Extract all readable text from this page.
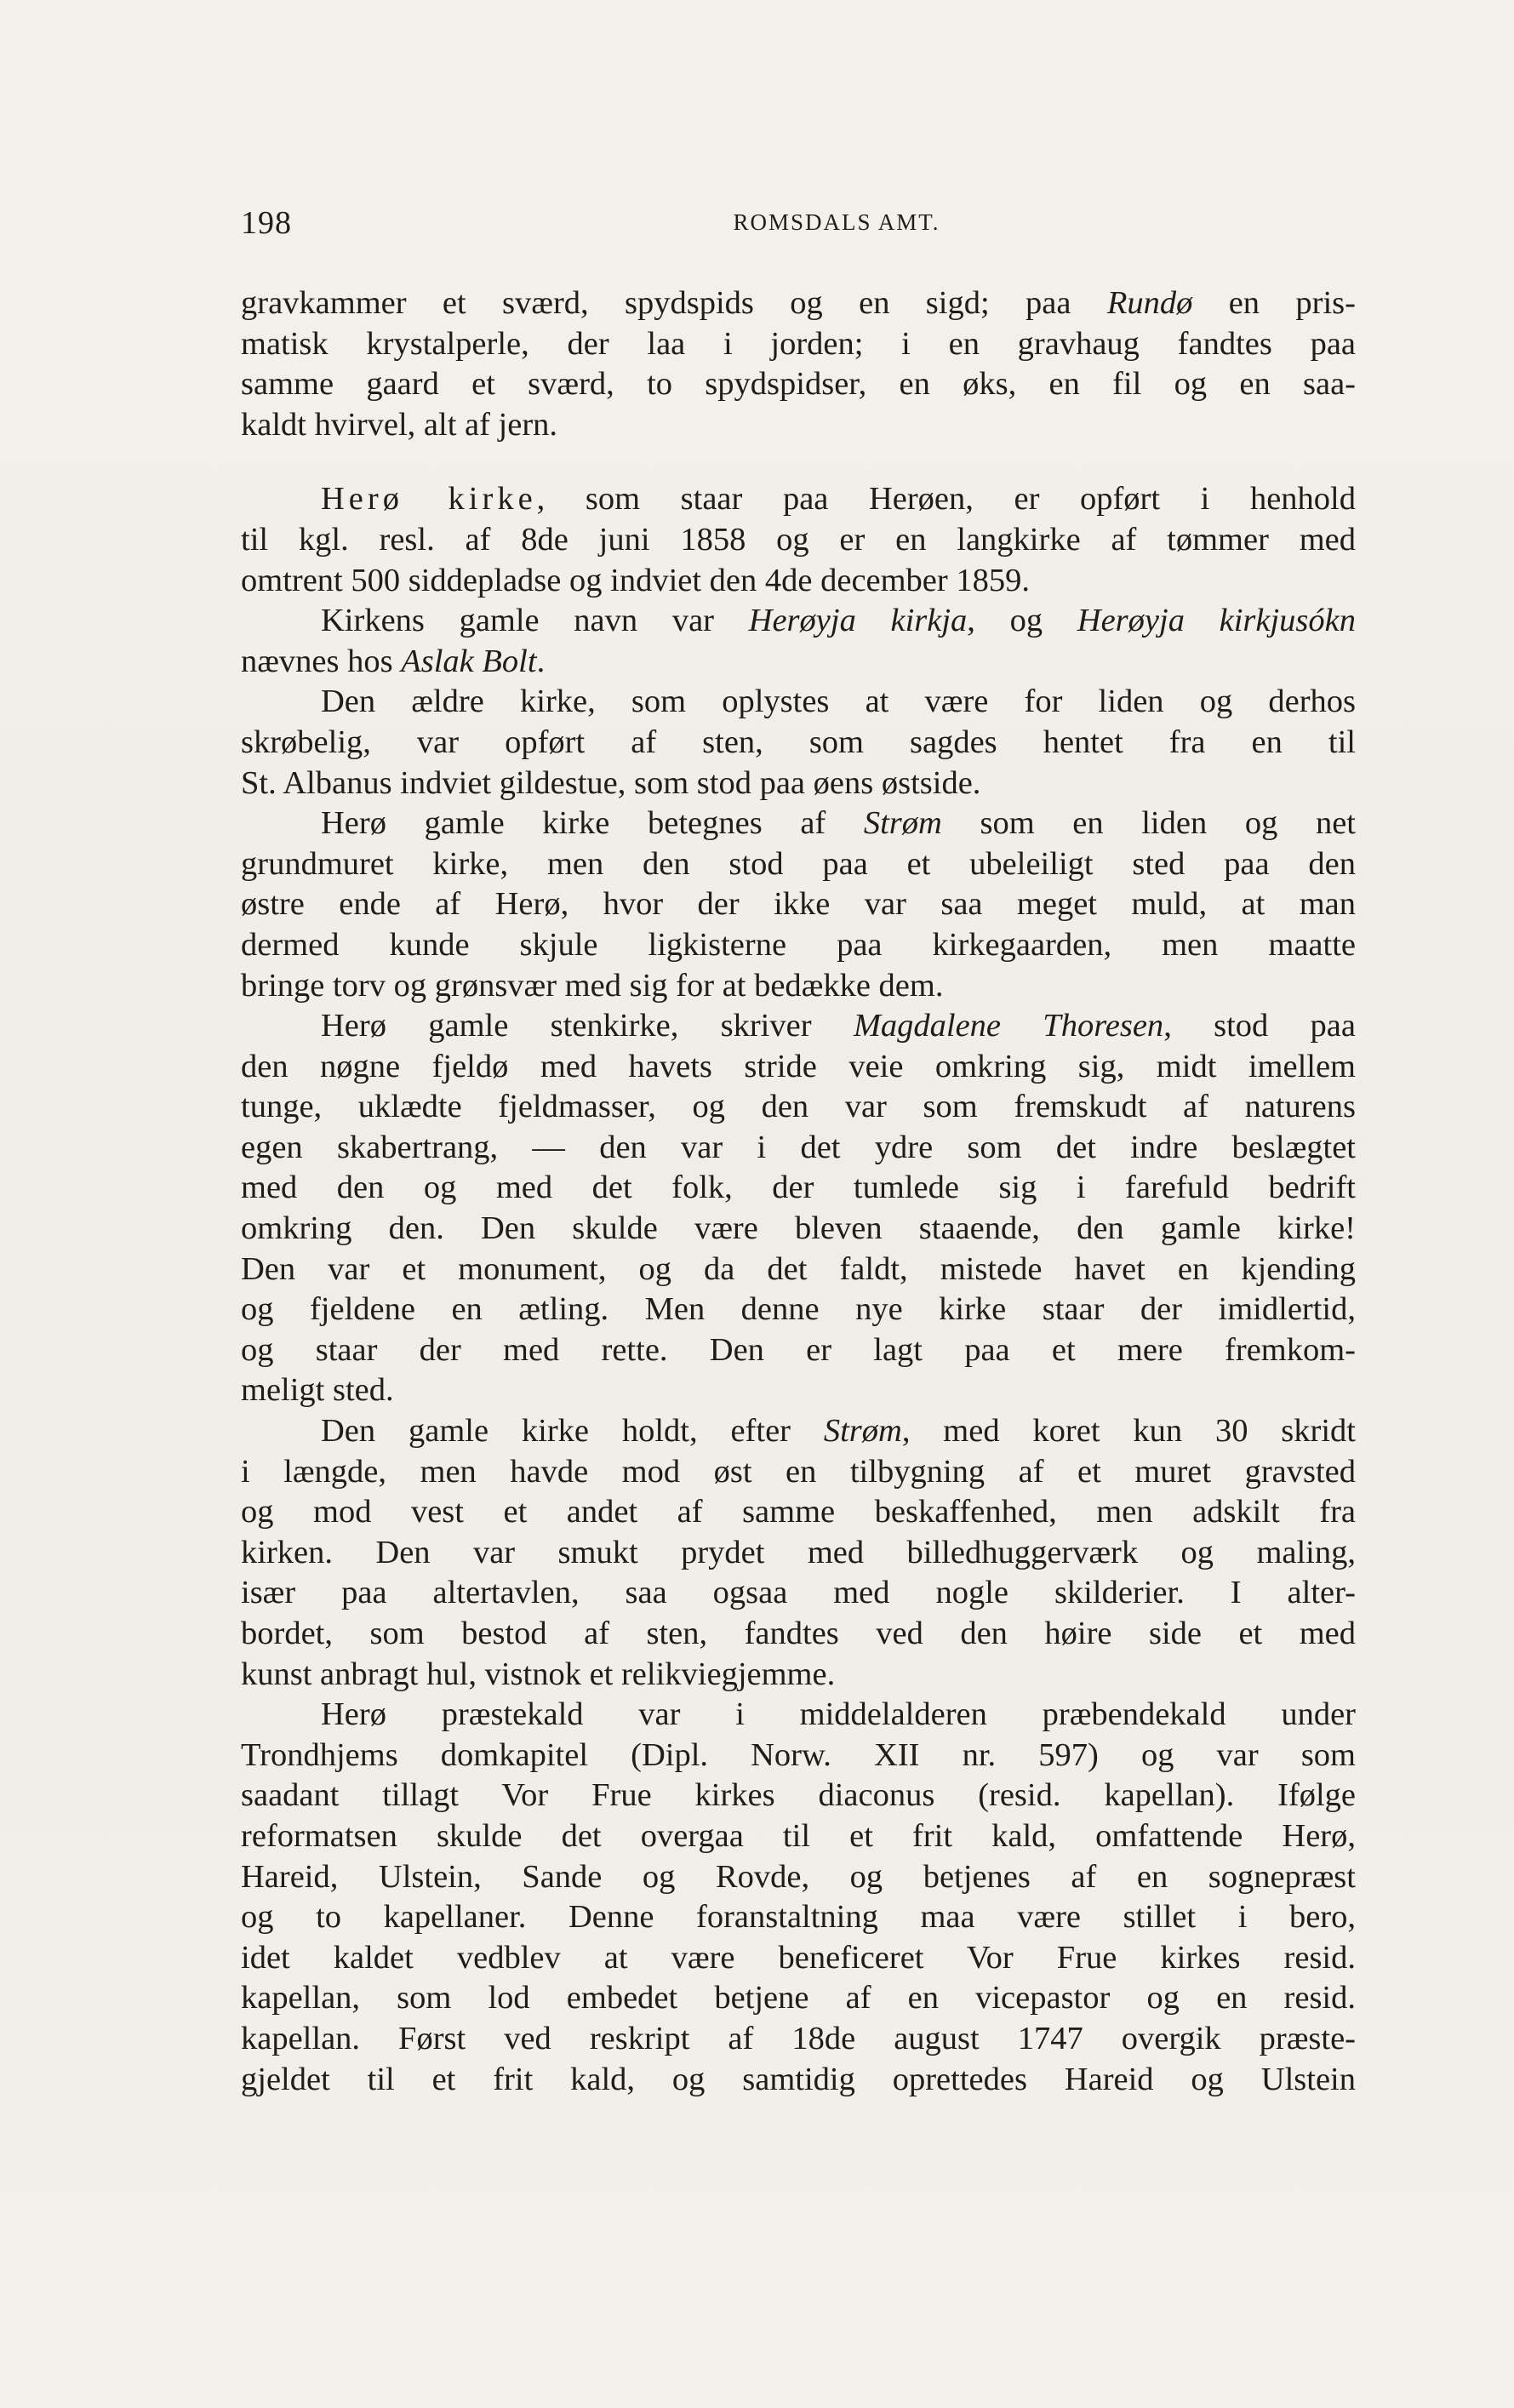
198	ROMSDALS AMT.
gravkammer et sværd, spydspids og en sigd; paa Rundø en pris-
matisk krystalperle, der laa i jorden; i en gravhaug fandtes paa
samme gaard et sværd, to spydspidser, en øks, en fil og en saa-
kaldt hvirvel, alt af jern.
Herø kirke, som staar paa Herøen, er opført i henhold
til kgl. resl. af 8de juni 1858 og er en langkirke af tømmer med
omtrent 500 siddepladse og indviet den 4de december 1859.
Kirkens gamle navn var Herøyja kirkja, og Herøyja kirkjusókn
nævnes hos Aslak Bolt.
Den ældre kirke, som oplystes at være for liden og derhos
skrøbelig, var opført af sten, som sagdes hentet fra en til
St. Albanus indviet gildestue, som stod paa øens østside.
Herø gamle kirke betegnes af Strøm som en liden og net
grundmuret kirke, men den stod paa et ubeleiligt sted paa den
østre ende af Herø, hvor der ikke var saa meget muld, at man
dermed kunde skjule ligkisterne paa kirkegaarden, men maatte
bringe torv og grønsvær med sig for at bedække dem.
Herø gamle stenkirke, skriver Magdalene Thoresen, stod paa
den nøgne fjeldø med havets stride veie omkring sig, midt imellem
tunge, uklædte fjeldmasser, og den var som fremskudt af naturens
egen skabertrang, — den var i det ydre som det indre beslægtet
med den og med det folk, der tumlede sig i farefuld bedrift
omkring den. Den skulde være bleven staaende, den gamle kirke!
Den var et monument, og da det faldt, mistede havet en kjending
og fjeldene en ætling. Men denne nye kirke staar der imidlertid,
og staar der med rette. Den er lagt paa et mere fremkom-
meligt sted.
Den gamle kirke holdt, efter Strøm, med koret kun 30 skridt
i længde, men havde mod øst en tilbygning af et muret gravsted
og mod vest et andet af samme beskaffenhed, men adskilt fra
kirken. Den var smukt prydet med billedhuggerværk og maling,
især paa altertavlen, saa ogsaa med nogle skilderier. I alter-
bordet, som bestod af sten, fandtes ved den høire side et med
kunst anbragt hul, vistnok et relikviegjemme.
Herø præstekald var i middelalderen præbendekald under
Trondhjems domkapitel (Dipl. Norw. XII nr. 597) og var som
saadant tillagt Vor Frue kirkes diaconus (resid. kapellan). Ifølge
reformatsen skulde det overgaa til et frit kald, omfattende Herø,
Hareid, Ulstein, Sande og Rovde, og betjenes af en sognepræst
og to kapellaner. Denne foranstaltning maa være stillet i bero,
idet kaldet vedblev at være beneficeret Vor Frue kirkes resid.
kapellan, som lod embedet betjene af en vicepastor og en resid.
kapellan. Først ved reskript af 18de august 1747 overgik præste-
gjeldet til et frit kald, og samtidig oprettedes Hareid og Ulstein
